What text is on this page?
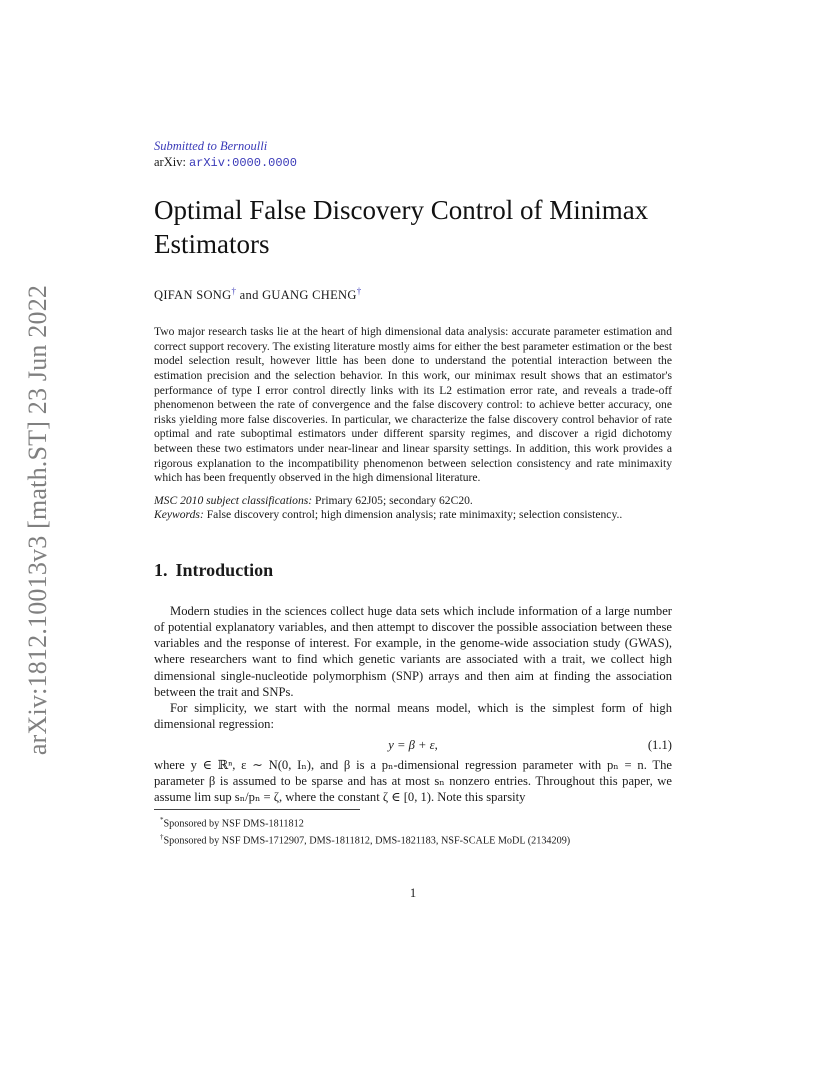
arXiv:1812.10013v3 [math.ST] 23 Jun 2022
Submitted to Bernoulli
arXiv: arXiv:0000.0000
Optimal False Discovery Control of Minimax Estimators
QIFAN SONG† and GUANG CHENG†

Two major research tasks lie at the heart of high dimensional data analysis: accurate parameter estimation and correct support recovery. The existing literature mostly aims for either the best parameter estimation or the best model selection result, however little has been done to understand the potential interaction between the estimation precision and the selection behavior. In this work, our minimax result shows that an estimator's performance of type I error control directly links with its L2 estimation error rate, and reveals a trade-off phenomenon between the rate of convergence and the false discovery control: to achieve better accuracy, one risks yielding more false discoveries. In particular, we characterize the false discovery control behavior of rate optimal and rate suboptimal estimators under different sparsity regimes, and discover a rigid dichotomy between these two estimators under near-linear and linear sparsity settings. In addition, this work provides a rigorous explanation to the incompatibility phenomenon between selection consistency and rate minimaxity which has been frequently observed in the high dimensional literature.

MSC 2010 subject classifications: Primary 62J05; secondary 62C20.

Keywords: False discovery control; high dimension analysis; rate minimaxity; selection consistency..

1. Introduction

Modern studies in the sciences collect huge data sets which include information of a large number of potential explanatory variables, and then attempt to discover the possible association between these variables and the response of interest. For example, in the genome-wide association study (GWAS), where researchers want to find which genetic variants are associated with a trait, we collect high dimensional single-nucleotide polymorphism (SNP) arrays and then aim at finding the association between the trait and SNPs.

For simplicity, we start with the normal means model, which is the simplest form of high dimensional regression:

y = β + ε,	(1.1)

where y ∈ ℝⁿ, ε ∼ N(0, Iₙ), and β is a pₙ-dimensional regression parameter with pₙ = n. The parameter β is assumed to be sparse and has at most sₙ nonzero entries. Throughout this paper, we assume lim sup sₙ/pₙ = ζ, where the constant ζ ∈ [0, 1). Note this sparsity

*Sponsored by NSF DMS-1811812
†Sponsored by NSF DMS-1712907, DMS-1811812, DMS-1821183, NSF-SCALE MoDL (2134209)
1
